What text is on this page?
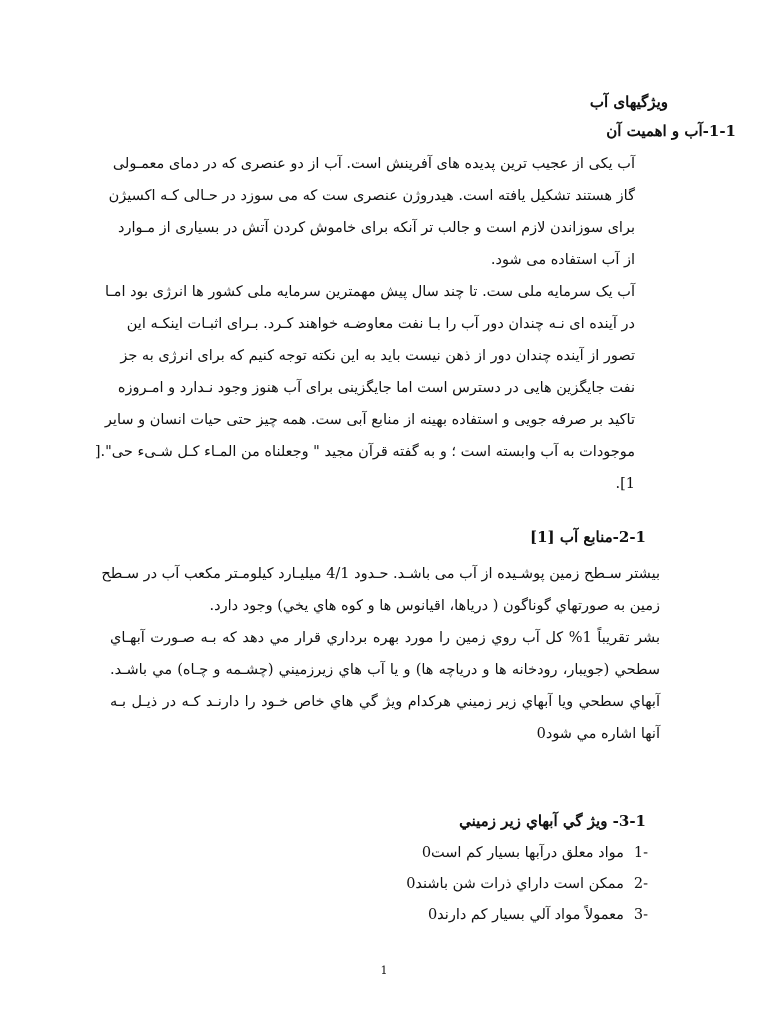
ویژگیهای آب
1-1-آب و اهمیت آن
آب یکی از عجیب ترین پدیده های آفرینش است. آب از دو عنصری که در دمای معمـولی
گاز هستند تشکیل یافته است. هیدروژن عنصری ست که می سوزد در حـالی کـه اکسیژن
برای سوزاندن لازم است و جالب تر آنکه برای خاموش کردن آتش در بسیاری از مـوارد
از آب استفاده می شود.
آب یک سرمایه ملی ست. تا چند سال پیش مهمترین سرمایه ملی کشور ها انرژی بود امـا
در آینده ای نـه چندان دور آب را بـا نفت معاوضـه خواهند کـرد. بـرای اثبـات اینکـه این
تصور از آینده چندان دور از ذهن نیست باید به این نکته توجه کنیم که برای انرژی به جز
نفت جایگزین هایی در دسترس است اما جایگزینی برای آب هنوز وجود نـدارد و امـروزه
تاکید بر صرفه جویی و استفاده بهینه از منابع آبی ست. همه چیز حتی حیات انسان و سایر
موجودات به آب وابسته است ؛ و به گفته قرآن مجید " وجعلناه من المـاء کـل شـیء حی".[
1].
2-1-منابع آب [1]
بیشتر سـطح زمین پوشـیده از آب می باشـد. حـدود 4/1 میلیـارد کیلومـتر مکعب آب در سـطح
زمین به صورتهاي گوناگون ( درياها، اقيانوس ها و کوه هاي يخي) وجود دارد.
بشر تقريباً 1% کل آب روي زمين را مورد بهره برداري قرار مي دهد که بـه صـورت آبهـاي
سطحي (جويبار، رودخانه ها و درياچه ها) و يا آب هاي زيرزميني (چشـمه و چـاه) مي باشـد.
آبهاي سطحي ويا آبهاي زير زميني هرکدام ويژ گي هاي خاص خـود را دارنـد کـه در ذيـل بـه
آنها اشاره مي شود0
3-1- ويژ گي آبهاي زير زميني
-1مواد معلق درآبها بسيار کم است0
-2ممکن است داراي ذرات شن باشند0
-3معمولاً مواد آلي بسيار کم دارند0
1
